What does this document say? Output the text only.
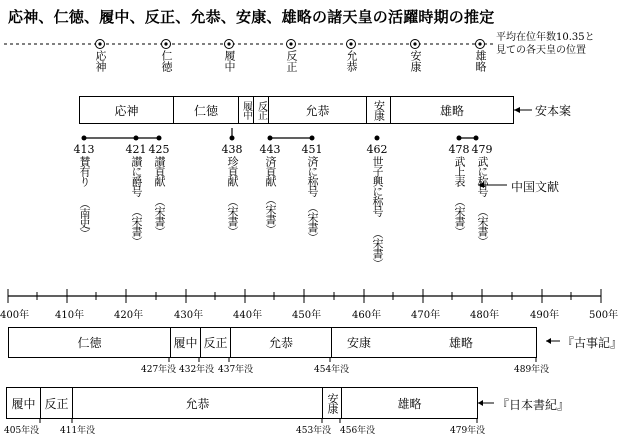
応神、仁徳、履中、反正、允恭、安康、雄略の諸天皇の活躍時期の推定
平均在位年数10.35と
見ての各天皇の位置
応神	仁徳	履中	反正	允恭	安康	雄略
応神	仁徳	履中 反正	允恭	安康	雄略	安本案
413
賛有り
（南史）
421
讃に爵号
（宋書）
425
讃貢献
（宋書）
438
珍貢献
（宋書）
443
済貢献
（宋書）
451
済に称号
（宋書）
462
世子興に称号
（宋書）
478
武上表
（宋書）
479
武に称号
（宋書）
中国文献
400年	410年	420年	430年	440年	450年	460年	470年	480年	490年	500年
仁徳	履中 反正	允恭	安康	雄略	『古事記』
427年没 432年没 437年没	454年没	489年没
履中 反正	允恭	安康	雄略	『日本書紀』
405年没 411年没	453年没 456年没	479年没
